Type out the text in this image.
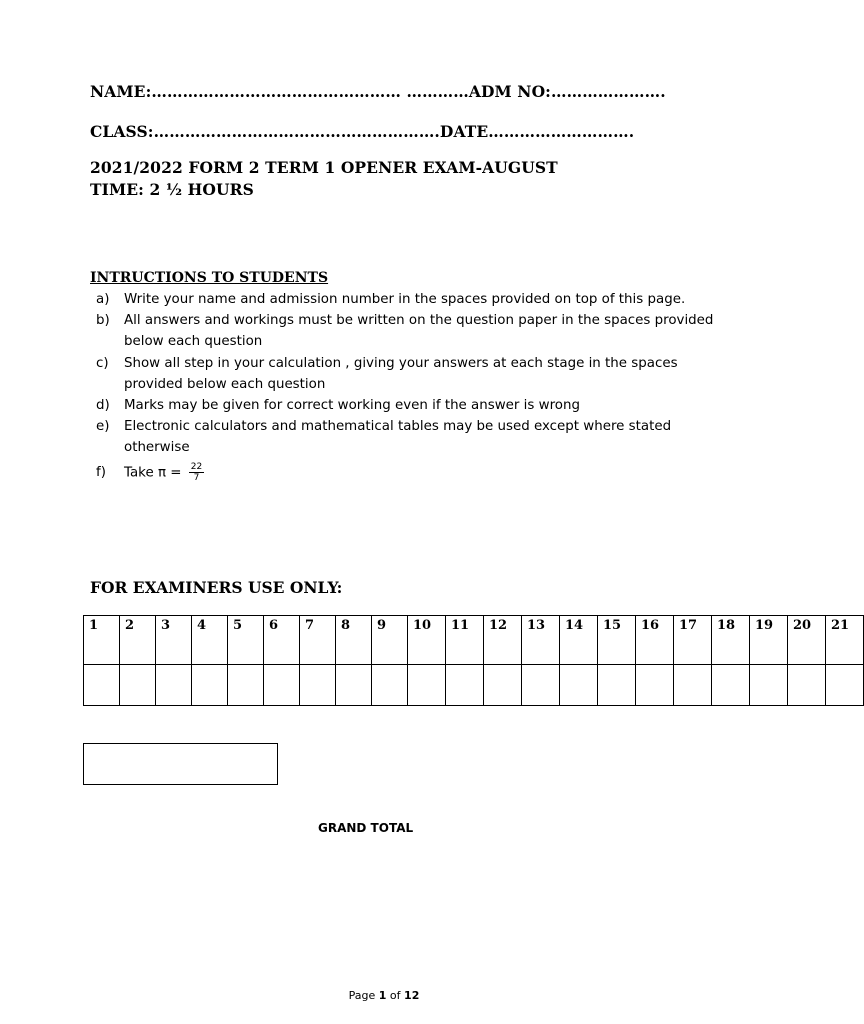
NAME:………………………………………… …………ADM NO:………………….
CLASS:……………………………………………….DATE……………………….
2021/2022 FORM 2 TERM 1 OPENER EXAM-AUGUST
TIME: 2 ½ HOURS
INTRUCTIONS TO STUDENTS
a)	Write your name and admission number in the spaces provided on top of this page.
b)	All answers and workings must be written on the question paper in the spaces provided below each question
c)	Show all step in your calculation , giving your answers at each stage in the spaces provided below each question
d)	Marks may be given for correct working even if the answer is wrong
e)	Electronic calculators and mathematical tables may be used except where stated otherwise
f)	Take $\pi = \frac{22}{7}$
FOR EXAMINERS USE ONLY:
1	2	3	4	5	6	7	8	9	10	11	12	13	14	15	16	17	18	19	20	21

GRAND TOTAL
Page 1 of 12
